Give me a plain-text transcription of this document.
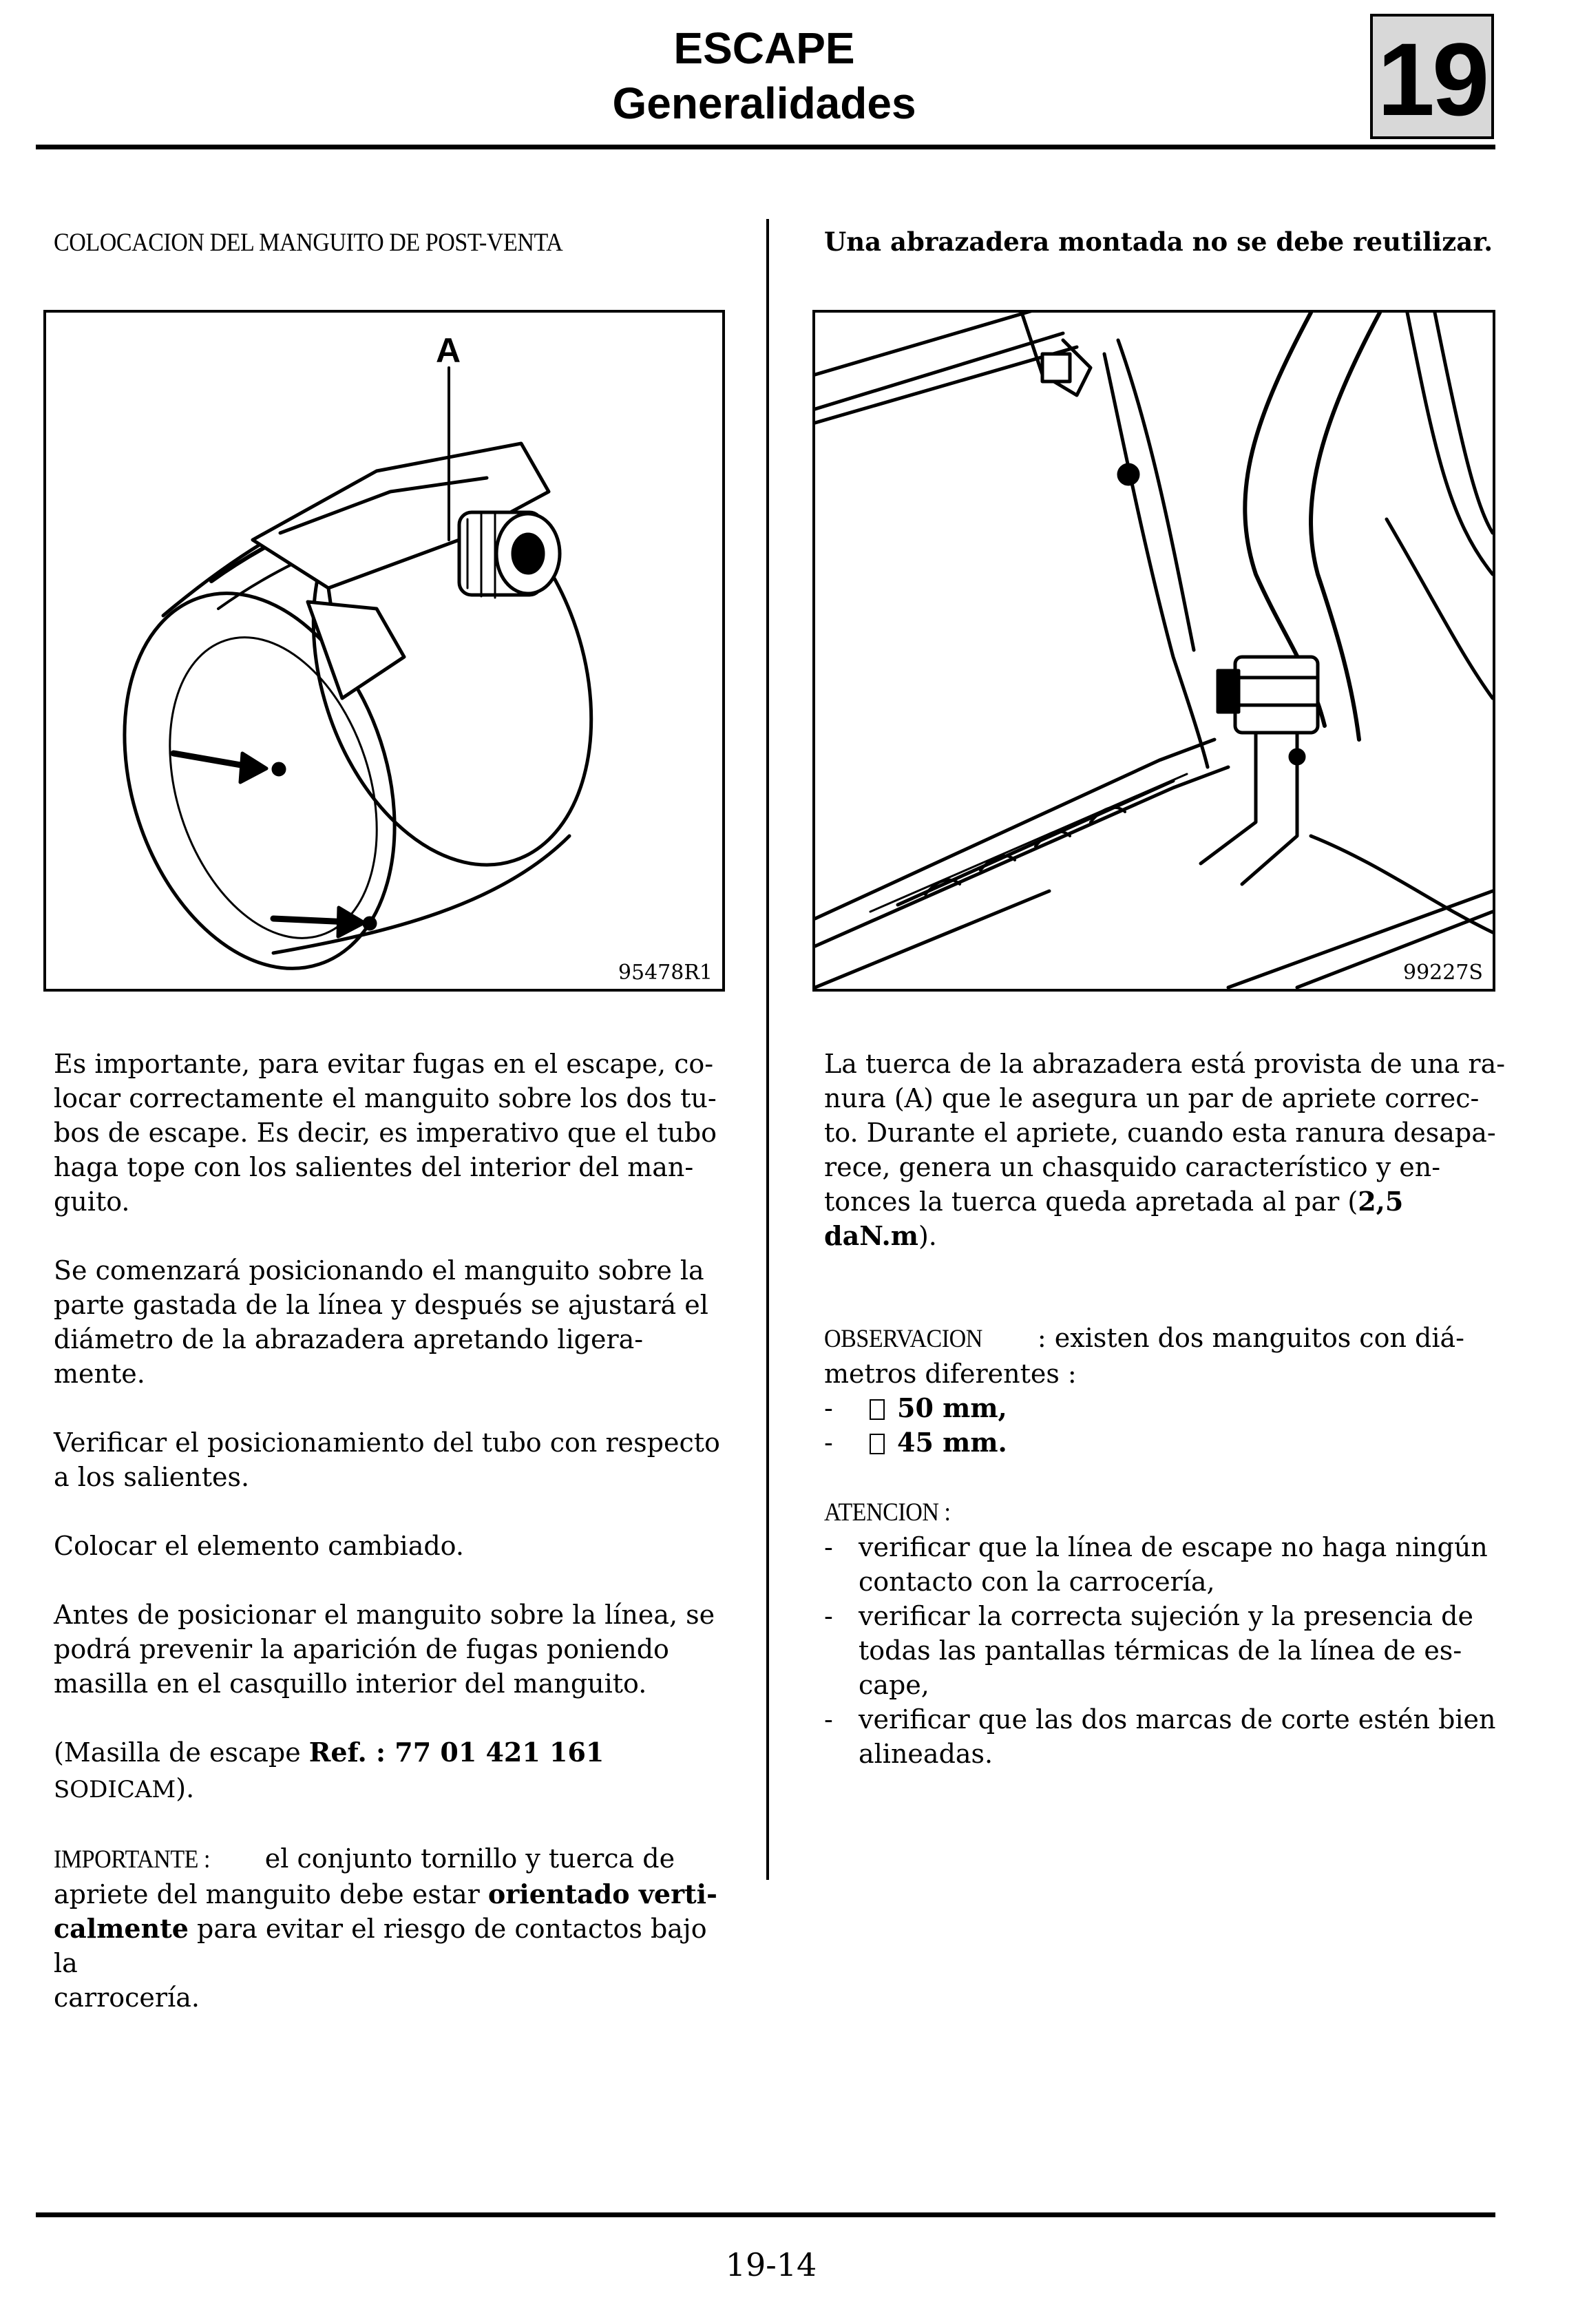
ESCAPE
Generalidades	19
COLOCACION DEL MANGUITO DE POST-VENTA	Una abrazadera montada no se debe reutilizar.
A
95478R1	99227S
Es importante, para evitar fugas en el escape, co-
locar correctamente el manguito sobre los dos tu-
bos de escape. Es decir, es imperativo que el tubo
haga tope con los salientes del interior del man-
guito.
Se comenzará posicionando el manguito sobre la
parte gastada de la línea y después se ajustará el
diámetro de la abrazadera apretando ligera-
mente.
Verificar el posicionamiento del tubo con respecto
a los salientes.
Colocar el elemento cambiado.
Antes de posicionar el manguito sobre la línea, se
podrá prevenir la aparición de fugas poniendo
masilla en el casquillo interior del manguito.
(Masilla de escape Ref. : 77 01 421 161 SODICAM).
IMPORTANTE : el conjunto tornillo y tuerca de
apriete del manguito debe estar orientado verti-
calmente para evitar el riesgo de contactos bajo la
carrocería.
La tuerca de la abrazadera está provista de una ra-
nura (A) que le asegura un par de apriete correc-
to. Durante el apriete, cuando esta ranura desapa-
rece, genera un chasquido característico y en-
tonces la tuerca queda apretada al par (2,5
daN.m).
OBSERVACION : existen dos manguitos con diá-
metros diferentes :
- 50 mm,
- 45 mm.
ATENCION :
- verificar que la línea de escape no haga ningún
contacto con la carrocería,
- verificar la correcta sujeción y la presencia de
todas las pantallas térmicas de la línea de es-
cape,
- verificar que las dos marcas de corte estén bien
alineadas.
19-14
